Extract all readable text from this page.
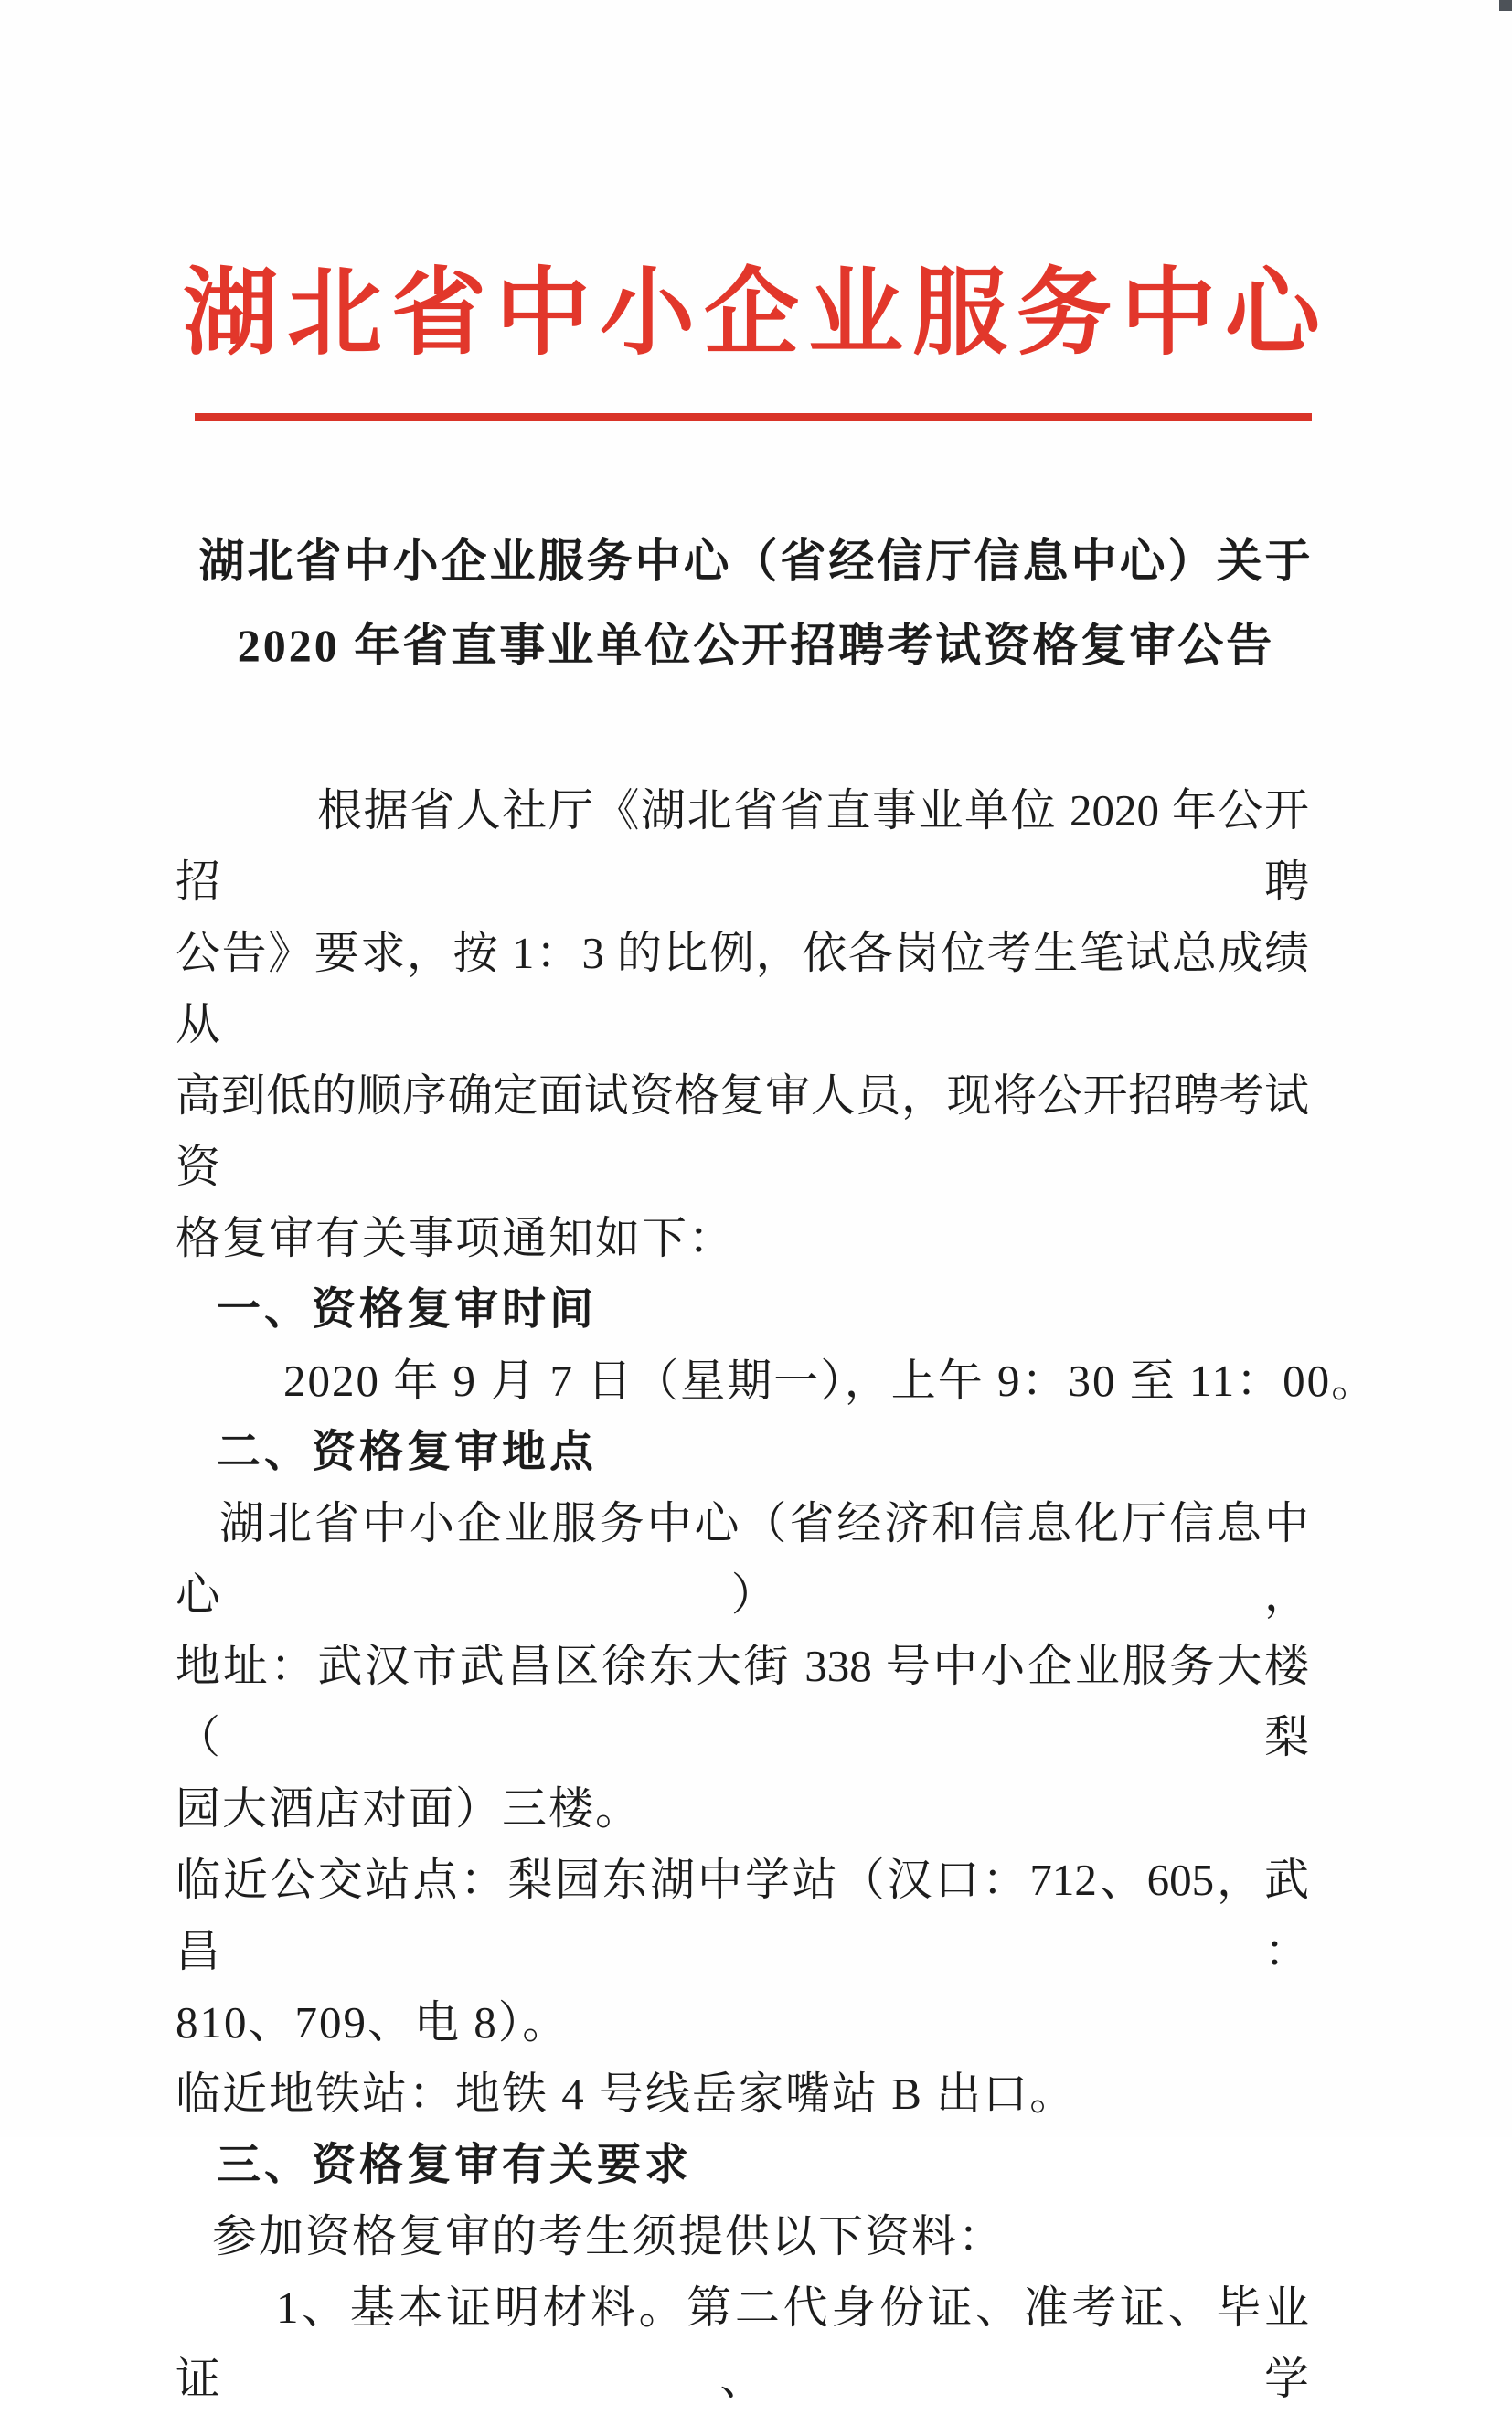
湖北省中小企业服务中心
湖北省中小企业服务中心（省经信厅信息中心）关于
2020 年省直事业单位公开招聘考试资格复审公告
根据省人社厅《湖北省省直事业单位 2020 年公开招聘
公告》要求，按 1：3 的比例，依各岗位考生笔试总成绩从
高到低的顺序确定面试资格复审人员，现将公开招聘考试资
格复审有关事项通知如下：
一、资格复审时间
2020 年 9 月 7 日（星期一），上午 9：30 至 11：00。
二、资格复审地点
湖北省中小企业服务中心（省经济和信息化厅信息中心），
地址：武汉市武昌区徐东大街 338 号中小企业服务大楼（梨
园大酒店对面）三楼。
临近公交站点：梨园东湖中学站（汉口：712、605，武昌：
810、709、电 8）。
临近地铁站：地铁 4 号线岳家嘴站 B 出口。
三、资格复审有关要求
参加资格复审的考生须提供以下资料：
1、基本证明材料。第二代身份证、准考证、毕业证、学
